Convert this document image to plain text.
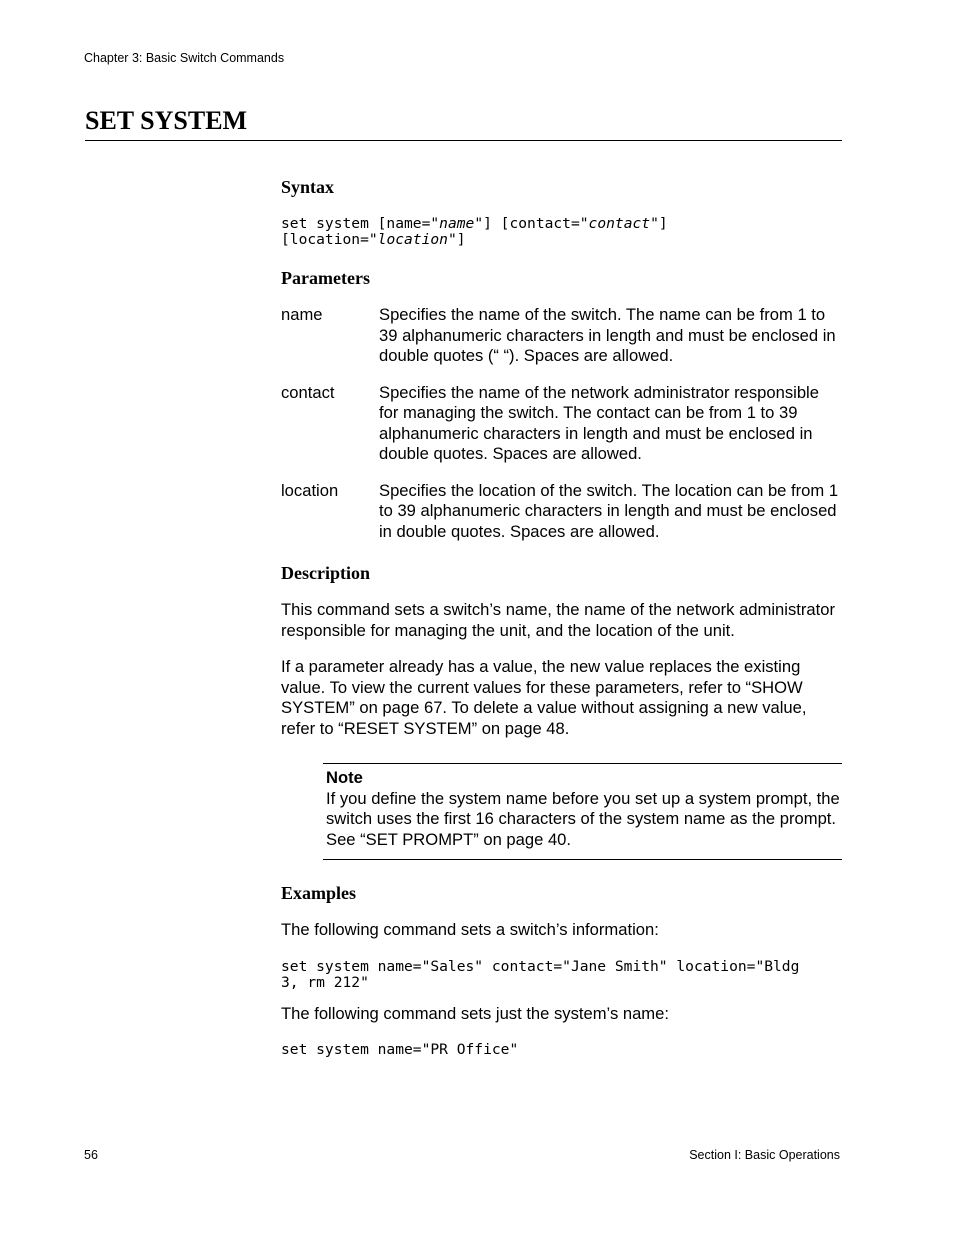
Chapter 3: Basic Switch Commands
SET SYSTEM
Syntax

set system [name="name"] [contact="contact"]
[location="location"]

Parameters
name	Specifies the name of the switch. The name can be from 1 to 39 alphanumeric characters in length and must be enclosed in double quotes (“ “). Spaces are allowed.
contact	Specifies the name of the network administrator responsible for managing the switch. The contact can be from 1 to 39 alphanumeric characters in length and must be enclosed in double quotes. Spaces are allowed.
location	Specifies the location of the switch. The location can be from 1 to 39 alphanumeric characters in length and must be enclosed in double quotes. Spaces are allowed.
Description

This command sets a switch’s name, the name of the network administrator responsible for managing the unit, and the location of the unit.

If a parameter already has a value, the new value replaces the existing value. To view the current values for these parameters, refer to “SHOW SYSTEM” on page 67. To delete a value without assigning a new value, refer to “RESET SYSTEM” on page 48.

Note
If you define the system name before you set up a system prompt, the switch uses the first 16 characters of the system name as the prompt. See “SET PROMPT” on page 40.
Examples

The following command sets a switch’s information:

set system name="Sales" contact="Jane Smith" location="Bldg
3, rm 212"

The following command sets just the system’s name:

set system name="PR Office"

56	Section I: Basic Operations
